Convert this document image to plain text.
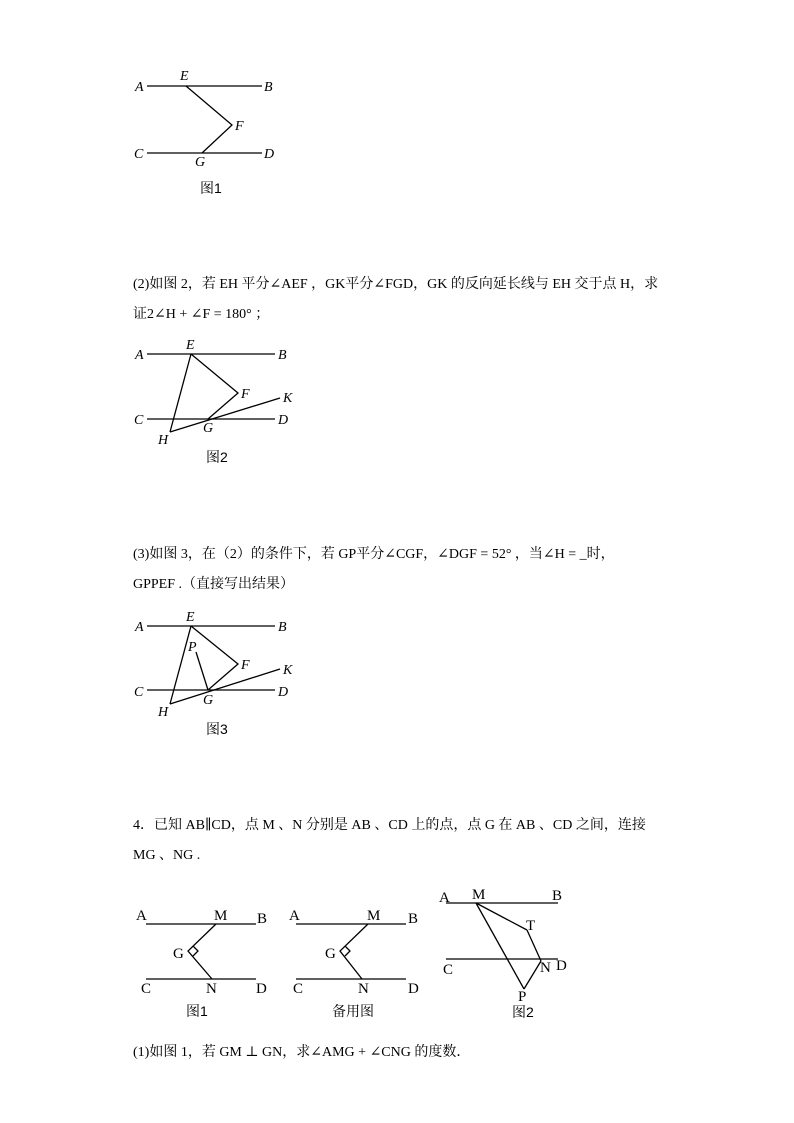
A
E
B
F
C	D
G
图1
(2)如图 2，若 EH 平分∠AEF ，GK平分∠FGD，GK 的反向延长线与 EH 交于点 H，求
证2∠H + ∠F = 180° ；
A
E
B
F K
C	D
G
H
图2
(3)如图 3，在（2）的条件下，若 GP平分∠CGF，∠DGF = 52° ，当∠H = _时，
GPPEF .（直接写出结果）
A
E
B
P
F K
C	D
G
H
图3
4．已知 AB∥CD，点 M 、N 分别是 AB 、CD 上的点，点 G 在 AB 、CD 之间，连接
MG 、NG .
A	M B
G
C	N	D
图1
A	M B
G
C	N	D
备用图
A M	B
T
C	N D
P
图2
(1)如图 1，若 GM ⊥ GN，求∠AMG + ∠CNG 的度数．
